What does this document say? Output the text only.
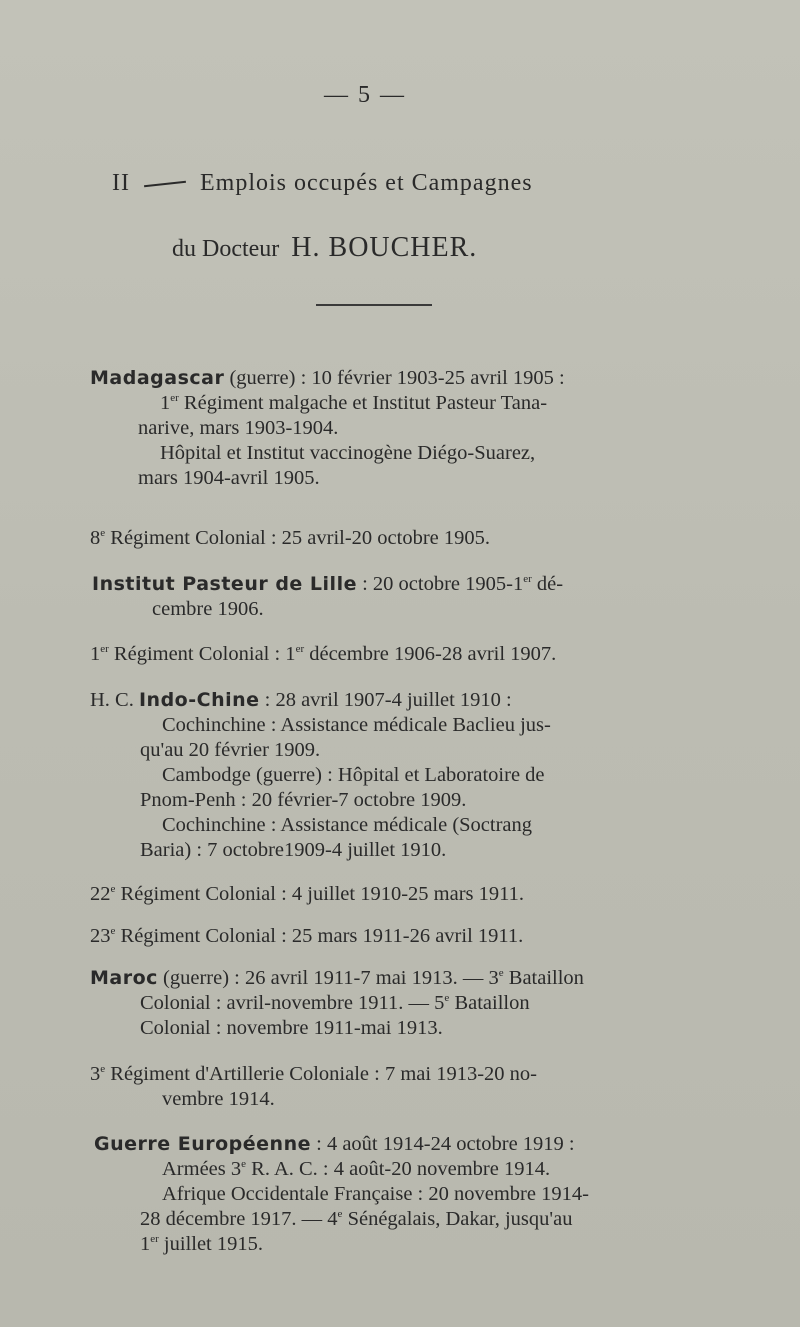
— 5 —
II	Emplois occupés et Campagnes
du Docteur H. BOUCHER.

Madagascar (guerre) : 10 février 1903-25 avril 1905 :

1er Régiment malgache et Institut Pasteur Tana-

narive, mars 1903-1904.

Hôpital et Institut vaccinogène Diégo-Suarez,

mars 1904-avril 1905.

8e Régiment Colonial : 25 avril-20 octobre 1905.

Institut Pasteur de Lille : 20 octobre 1905-1er dé-

cembre 1906.

1er Régiment Colonial : 1er décembre 1906-28 avril 1907.

H. C. Indo-Chine : 28 avril 1907-4 juillet 1910 :

Cochinchine : Assistance médicale Baclieu jus-

qu'au 20 février 1909.

Cambodge (guerre) : Hôpital et Laboratoire de

Pnom-Penh : 20 février-7 octobre 1909.

Cochinchine : Assistance médicale (Soctrang

Baria) : 7 octobre1909-4 juillet 1910.

22e Régiment Colonial : 4 juillet 1910-25 mars 1911.

23e Régiment Colonial : 25 mars 1911-26 avril 1911.

Maroc (guerre) : 26 avril 1911-7 mai 1913. — 3e Bataillon

Colonial : avril-novembre 1911. — 5e Bataillon

Colonial : novembre 1911-mai 1913.

3e Régiment d'Artillerie Coloniale : 7 mai 1913-20 no-

vembre 1914.

Guerre Européenne : 4 août 1914-24 octobre 1919 :

Armées 3e R. A. C. : 4 août-20 novembre 1914.

Afrique Occidentale Française : 20 novembre 1914-

28 décembre 1917. — 4e Sénégalais, Dakar, jusqu'au

1er juillet 1915.
